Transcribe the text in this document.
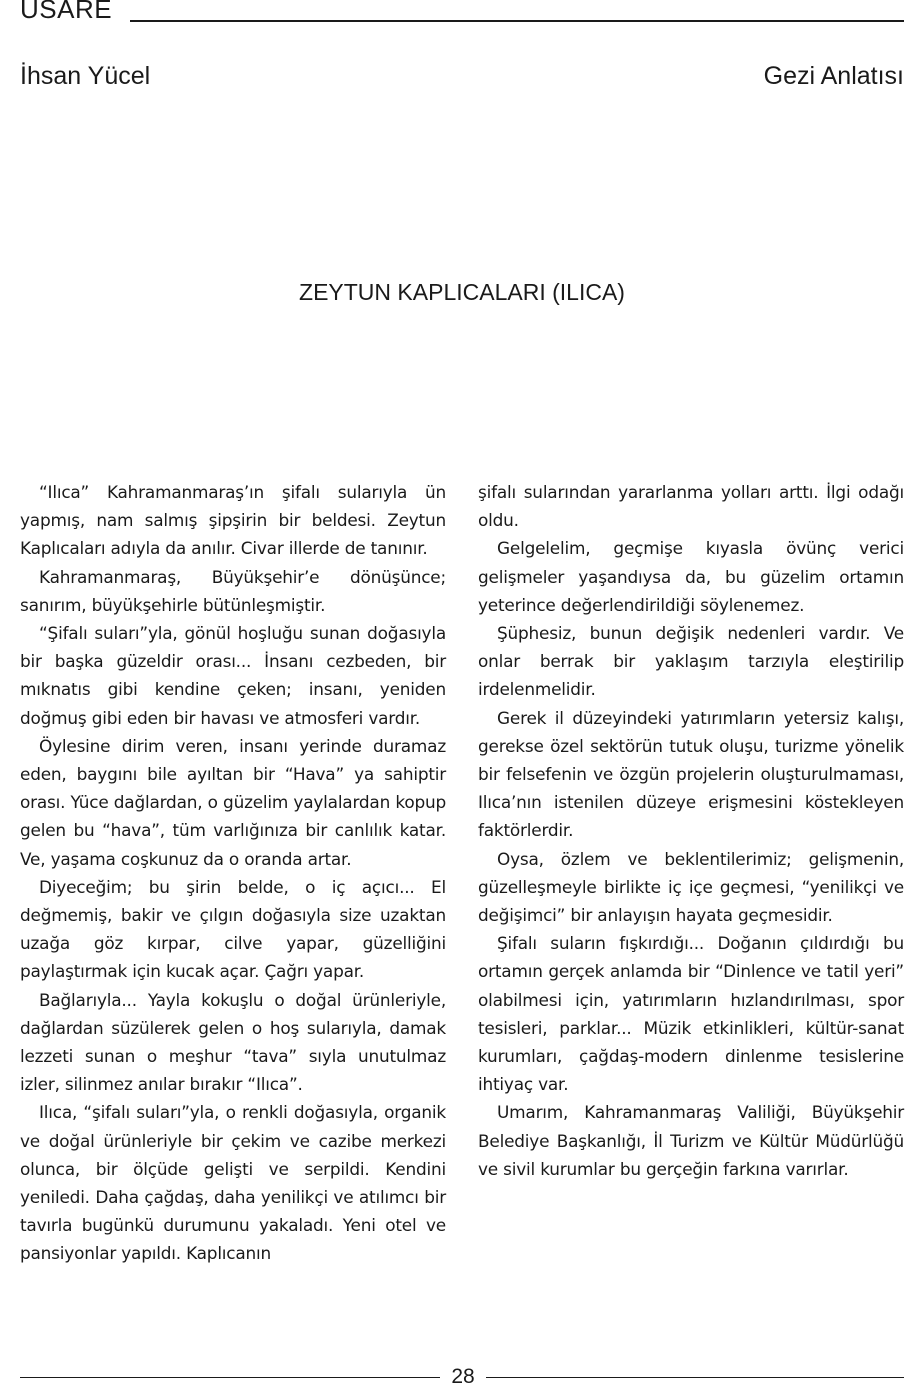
USARE
İhsan Yücel	Gezi Anlatısı
ZEYTUN KAPLICALARI (ILICA)

“Ilıca” Kahramanmaraş’ın şifalı sularıyla ün yapmış, nam salmış şipşirin bir beldesi. Zeytun Kaplıcaları adıyla da anılır. Civar illerde de tanınır.

Kahramanmaraş, Büyükşehir’e dönüşünce; sanırım, büyükşehirle bütünleşmiştir.

“Şifalı suları”yla, gönül hoşluğu sunan doğasıyla bir başka güzeldir orası... İnsanı cezbeden, bir mıknatıs gibi kendine çeken; insanı, yeniden doğmuş gibi eden bir havası ve atmosferi vardır.

Öylesine dirim veren, insanı yerinde duramaz eden, baygını bile ayıltan bir “Hava” ya sahiptir orası. Yüce dağlardan, o güzelim yaylalardan kopup gelen bu “hava”, tüm varlığınıza bir canlılık katar. Ve, yaşama coşkunuz da o oranda artar.

Diyeceğim; bu şirin belde, o iç açıcı... El değmemiş, bakir ve çılgın doğasıyla size uzaktan uzağa göz kırpar, cilve yapar, güzelliğini paylaştırmak için kucak açar. Çağrı yapar.

Bağlarıyla... Yayla kokuşlu o doğal ürünleriyle, dağlardan süzülerek gelen o hoş sularıyla, damak lezzeti sunan o meşhur “tava” sıyla unutulmaz izler, silinmez anılar bırakır “Ilıca”.

Ilıca, “şifalı suları”yla, o renkli doğasıyla, organik ve doğal ürünleriyle bir çekim ve cazibe merkezi olunca, bir ölçüde gelişti ve serpildi. Kendini yeniledi. Daha çağdaş, daha yenilikçi ve atılımcı bir tavırla bugünkü durumunu yakaladı. Yeni otel ve pansiyonlar yapıldı. Kaplıcanın

şifalı sularından yararlanma yolları arttı. İlgi odağı oldu.

Gelgelelim, geçmişe kıyasla övünç verici gelişmeler yaşandıysa da, bu güzelim ortamın yeterince değerlendirildiği söylenemez.

Şüphesiz, bunun değişik nedenleri vardır. Ve onlar berrak bir yaklaşım tarzıyla eleştirilip irdelenmelidir.

Gerek il düzeyindeki yatırımların yetersiz kalışı, gerekse özel sektörün tutuk oluşu, turizme yönelik bir felsefenin ve özgün projelerin oluşturulmaması, Ilıca’nın istenilen düzeye erişmesini köstekleyen faktörlerdir.

Oysa, özlem ve beklentilerimiz; gelişmenin, güzelleşmeyle birlikte iç içe geçmesi, “yenilikçi ve değişimci” bir anlayışın hayata geçmesidir.

Şifalı suların fışkırdığı... Doğanın çıldırdığı bu ortamın gerçek anlamda bir “Dinlence ve tatil yeri” olabilmesi için, yatırımların hızlandırılması, spor tesisleri, parklar... Müzik etkinlikleri, kültür-sanat kurumları, çağdaş-modern dinlenme tesislerine ihtiyaç var.

Umarım, Kahramanmaraş Valiliği, Büyükşehir Belediye Başkanlığı, İl Turizm ve Kültür Müdürlüğü ve sivil kurumlar bu gerçeğin farkına varırlar.

28
